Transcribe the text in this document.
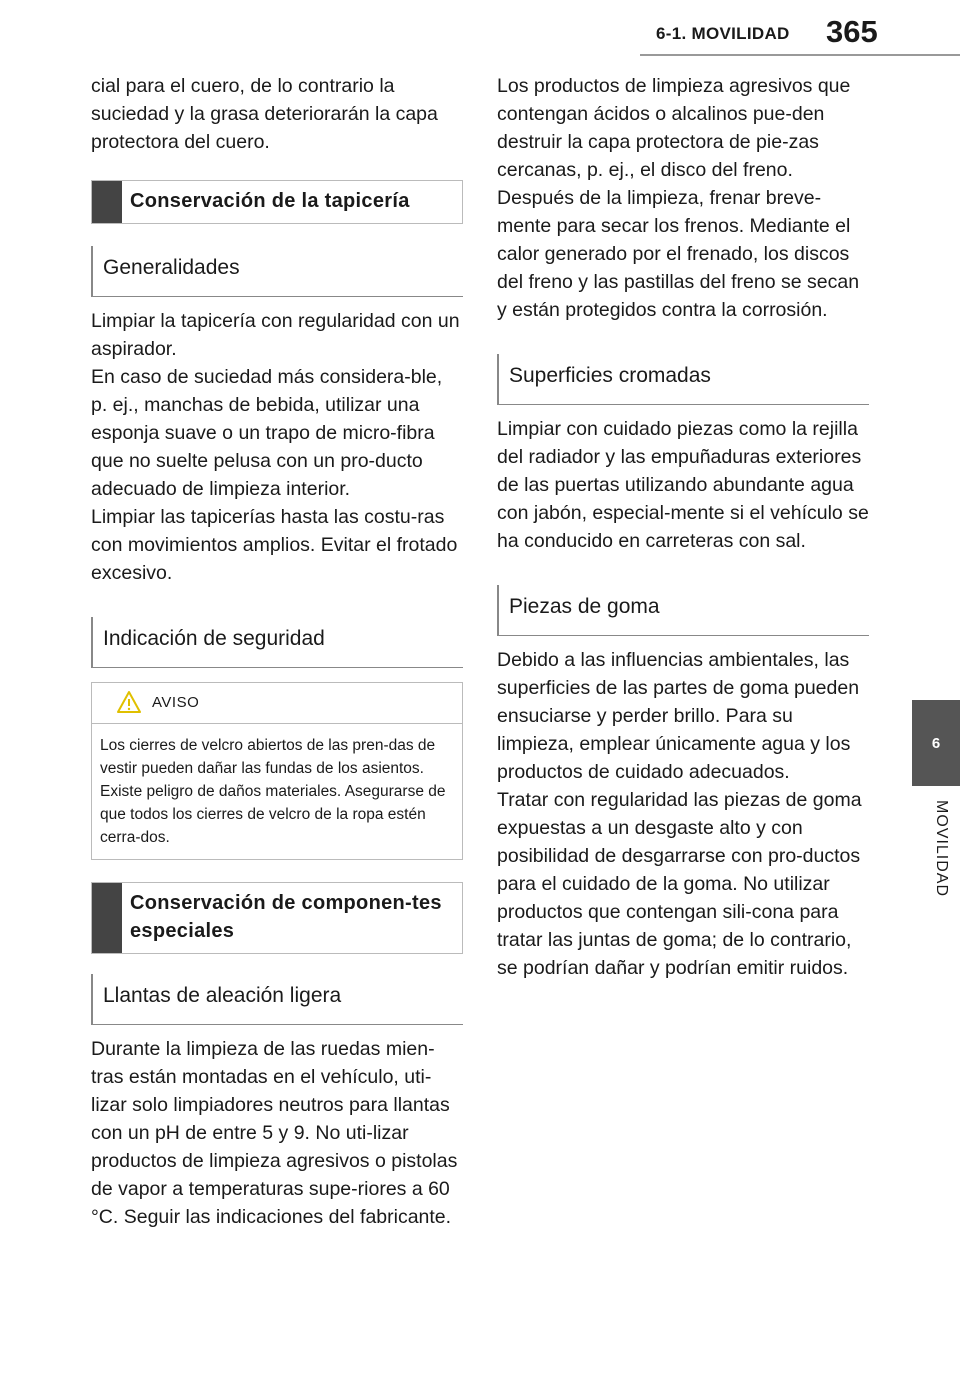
6-1. MOVILIDAD 365
6
MOVILIDAD

cial para el cuero, de lo contrario la suciedad y la grasa deteriorarán la capa protectora del cuero.

Conservación de la tapicería
Generalidades

Limpiar la tapicería con regularidad con un aspirador.

En caso de suciedad más considera-ble, p. ej., manchas de bebida, utilizar una esponja suave o un trapo de micro-fibra que no suelte pelusa con un pro-ducto adecuado de limpieza interior.

Limpiar las tapicerías hasta las costu-ras con movimientos amplios. Evitar el frotado excesivo.

Indicación de seguridad
AVISO
Los cierres de velcro abiertos de las pren-das de vestir pueden dañar las fundas de los asientos. Existe peligro de daños materiales. Asegurarse de que todos los cierres de velcro de la ropa estén cerra-dos.
Conservación de componen-tes especiales
Llantas de aleación ligera

Durante la limpieza de las ruedas mien-tras están montadas en el vehículo, uti-lizar solo limpiadores neutros para llantas con un pH de entre 5 y 9. No uti-lizar productos de limpieza agresivos o pistolas de vapor a temperaturas supe-riores a 60 °C. Seguir las indicaciones del fabricante.

Los productos de limpieza agresivos que contengan ácidos o alcalinos pue-den destruir la capa protectora de pie-zas cercanas, p. ej., el disco del freno.

Después de la limpieza, frenar breve-mente para secar los frenos. Mediante el calor generado por el frenado, los discos del freno y las pastillas del freno se secan y están protegidos contra la corrosión.

Superficies cromadas

Limpiar con cuidado piezas como la rejilla del radiador y las empuñaduras exteriores de las puertas utilizando abundante agua con jabón, especial-mente si el vehículo se ha conducido en carreteras con sal.

Piezas de goma

Debido a las influencias ambientales, las superficies de las partes de goma pueden ensuciarse y perder brillo. Para su limpieza, emplear únicamente agua y los productos de cuidado adecuados.

Tratar con regularidad las piezas de goma expuestas a un desgaste alto y con posibilidad de desgarrarse con pro-ductos para el cuidado de la goma. No utilizar productos que contengan sili-cona para tratar las juntas de goma; de lo contrario, se podrían dañar y podrían emitir ruidos.
